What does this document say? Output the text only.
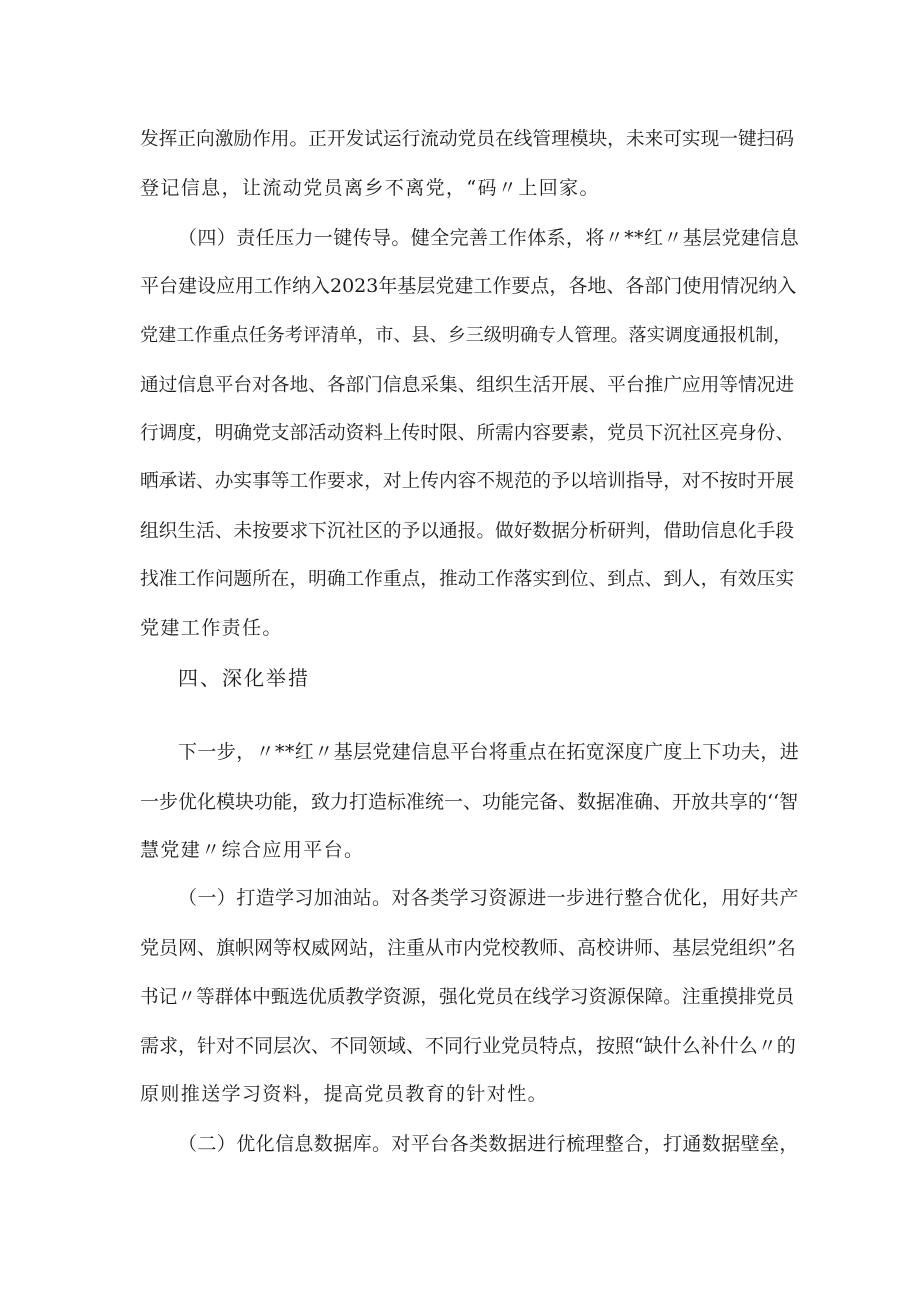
发挥正向激励作用。正开发试运行流动党员在线管理模块，未来可实现一键扫码
登记信息，让流动党员离乡不离党，“码〃上回家。
（四）责任压力一键传导。健全完善工作体系，将〃**红〃基层党建信息
平台建设应用工作纳入2023年基层党建工作要点，各地、各部门使用情况纳入
党建工作重点任务考评清单，市、县、乡三级明确专人管理。落实调度通报机制，
通过信息平台对各地、各部门信息采集、组织生活开展、平台推广应用等情况进
行调度，明确党支部活动资料上传时限、所需内容要素，党员下沉社区亮身份、
晒承诺、办实事等工作要求，对上传内容不规范的予以培训指导，对不按时开展
组织生活、未按要求下沉社区的予以通报。做好数据分析研判，借助信息化手段
找准工作问题所在，明确工作重点，推动工作落实到位、到点、到人，有效压实
党建工作责任。
四、深化举措
下一步，〃**红〃基层党建信息平台将重点在拓宽深度广度上下功夫，进
一步优化模块功能，致力打造标准统一、功能完备、数据准确、开放共享的‘‘智
慧党建〃综合应用平台。
（一）打造学习加油站。对各类学习资源进一步进行整合优化，用好共产
党员网、旗帜网等权威网站，注重从市内党校教师、高校讲师、基层党组织”名
书记〃等群体中甄选优质教学资源，强化党员在线学习资源保障。注重摸排党员
需求，针对不同层次、不同领域、不同行业党员特点，按照“缺什么补什么〃的
原则推送学习资料，提高党员教育的针对性。
（二）优化信息数据库。对平台各类数据进行梳理整合，打通数据壁垒，
